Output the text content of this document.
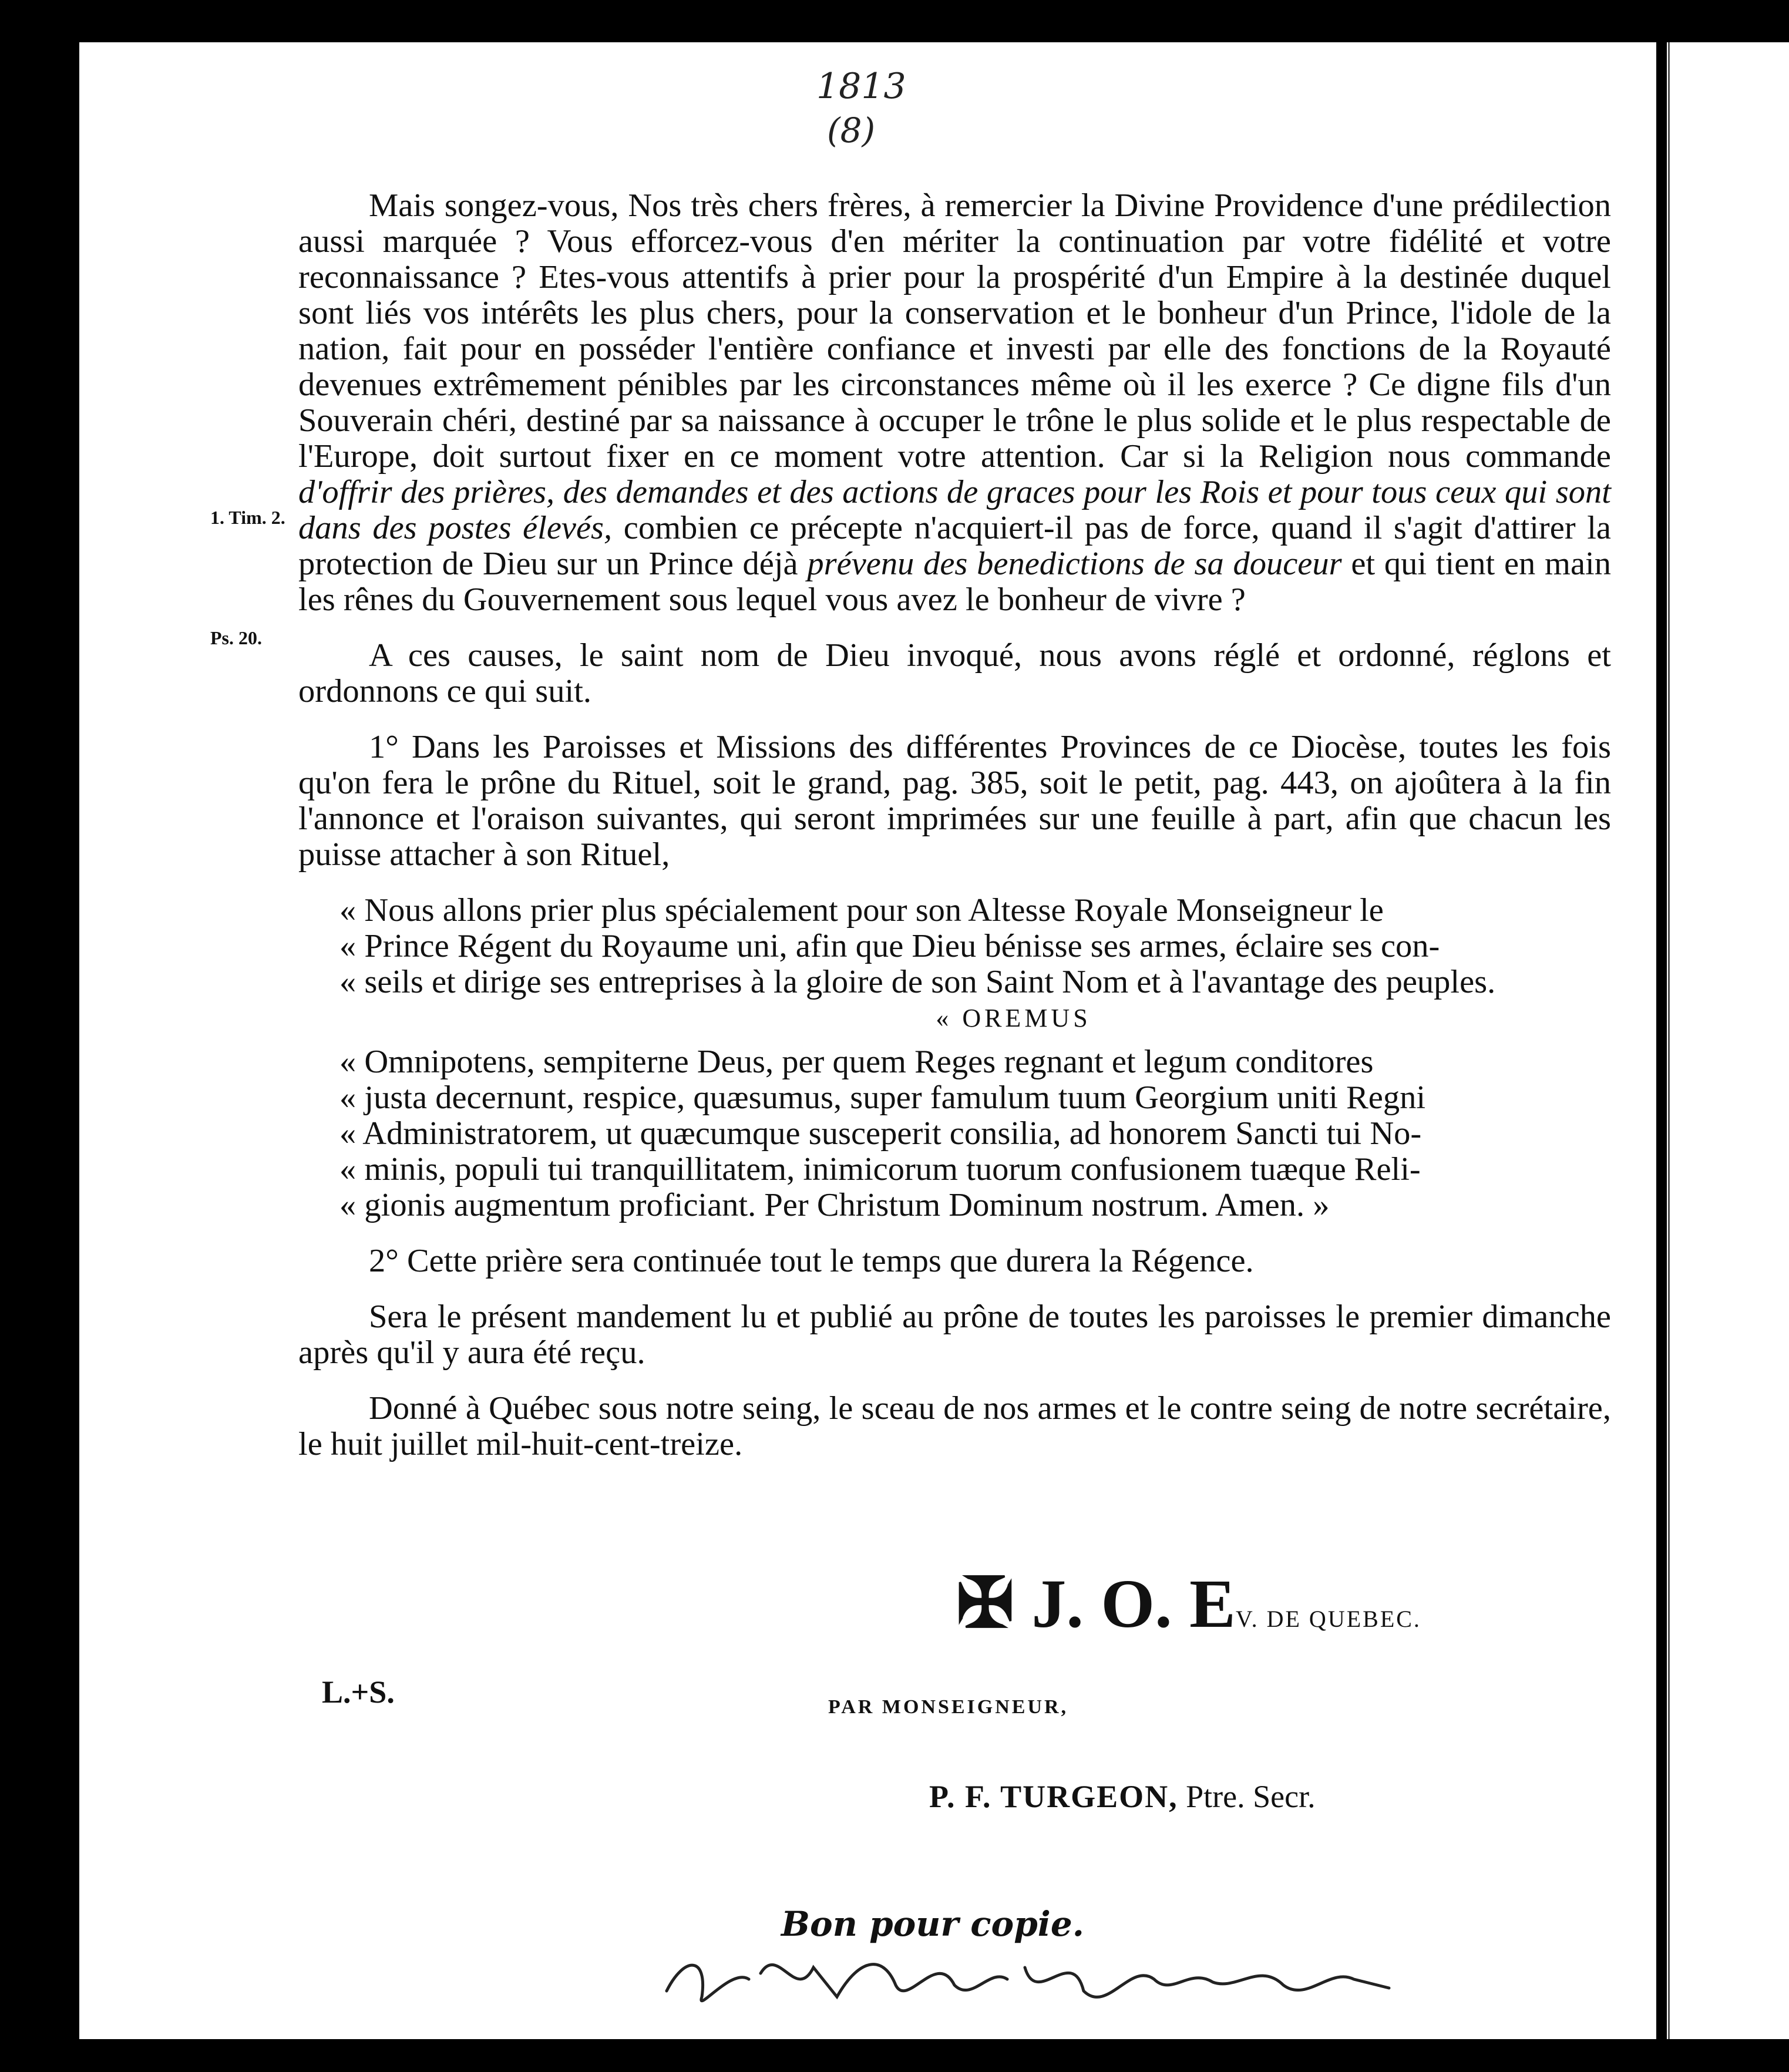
1813
(8)
1. Tim. 2.
Ps. 20.

Mais songez-vous, Nos très chers frères, à remercier la Divine Providence d'une prédilection aussi marquée ? Vous efforcez-vous d'en mériter la continuation par votre fidélité et votre reconnaissance ? Etes-vous attentifs à prier pour la prospérité d'un Empire à la destinée duquel sont liés vos intérêts les plus chers, pour la conservation et le bonheur d'un Prince, l'idole de la nation, fait pour en posséder l'entière confiance et investi par elle des fonctions de la Royauté devenues extrêmement pénibles par les circonstances même où il les exerce ? Ce digne fils d'un Souverain chéri, destiné par sa naissance à occuper le trône le plus solide et le plus respectable de l'Europe, doit surtout fixer en ce moment votre attention. Car si la Religion nous commande d'offrir des prières, des demandes et des actions de graces pour les Rois et pour tous ceux qui sont dans des postes élevés, combien ce précepte n'acquiert-il pas de force, quand il s'agit d'attirer la protection de Dieu sur un Prince déjà prévenu des benedictions de sa douceur et qui tient en main les rênes du Gouvernement sous lequel vous avez le bonheur de vivre ?

A ces causes, le saint nom de Dieu invoqué, nous avons réglé et ordonné, réglons et ordonnons ce qui suit.

1° Dans les Paroisses et Missions des différentes Provinces de ce Diocèse, toutes les fois qu'on fera le prône du Rituel, soit le grand, pag. 385, soit le petit, pag. 443, on ajoûtera à la fin l'annonce et l'oraison suivantes, qui seront imprimées sur une feuille à part, afin que chacun les puisse attacher à son Rituel,

« Nous allons prier plus spécialement pour son Altesse Royale Monseigneur le

« Prince Régent du Royaume uni, afin que Dieu bénisse ses armes, éclaire ses con-

« seils et dirige ses entreprises à la gloire de son Saint Nom et à l'avantage des peuples.

« OREMUS

« Omnipotens, sempiterne Deus, per quem Reges regnant et legum conditores

« justa decernunt, respice, quæsumus, super famulum tuum Georgium uniti Regni

« Administratorem, ut quæcumque susceperit consilia, ad honorem Sancti tui No-

« minis, populi tui tranquillitatem, inimicorum tuorum confusionem tuæque Reli-

« gionis augmentum proficiant. Per Christum Dominum nostrum. Amen. »

2° Cette prière sera continuée tout le temps que durera la Régence.

Sera le présent mandement lu et publié au prône de toutes les paroisses le premier dimanche après qu'il y aura été reçu.

Donné à Québec sous notre seing, le sceau de nos armes et le contre seing de notre secrétaire, le huit juillet mil-huit-cent-treize.

✠ J. O. EV. DE QUEBEC.
L.+S.	PAR MONSEIGNEUR,
P. F. TURGEON, Ptre. Secr.
Bon pour copie.
